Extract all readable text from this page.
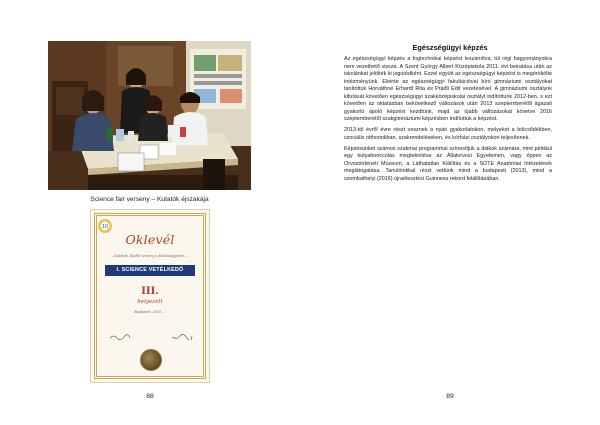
Science fair verseny – Kutatók éjszakája
10
Oklevél
...Kutatók, Radik verseny a Kutatóegyetem ...
I. SCIENCE VETÉLKEDŐ
III.
helyezett
Budapest, 2016 ...
88
Egészségügyi képzés

Az egészségügyi képzés a fogtechnikai képzést leszámítva, túl régi hagyományokra nem vezethető vissza. A Szent György Albert Középiskola 2011. évi beiratása után az iskolánkat jelölték ki jogutódként. Ezzel együtt az egészségügyi képzést is megörökölte intézményünk. Eleinte az egészségügyi fakultációval bíró gimnáziumi osztályokat tanítottuk Horváthné Erhardt Rita és Prádli Edit vezetésével. A gimnáziumi osztályok kifutását követően egészségügyi szakközépiskolai osztályt indítottunk 2012-ben, s ezt követően az oktatásban bekövetkező változások után 2013 szeptemberétől ágazati gyakorló ápoló képzést kezdtünk, majd az újabb változásokat követve 2016 szeptemberétől szakgimnáziumi képzésben indítottuk a képzést.

2013-tól évről évre részt vesznek a nyári gyakorlatokon, melyeket a bölcsődékben, szociális otthonokban, szakrendeléseken, és kórházi osztályokon teljesítenek.

Képzésünket számos szakmai programmal színesítjük a diákok számára, mint például egy kutyabonccolás megtekintése az Állatorvosi Egyetemen, vagy éppen az Orvostörténeti Múzeum, a Láthatatlan Kiállítás és a SOTE Anatómiai Intézetének meglátogatása. Tanulóinkkal részt vettünk mind a budapesti (2013), mind a szombathelyi (2016) újraélesztési Guinness rekord felállításában.

89
